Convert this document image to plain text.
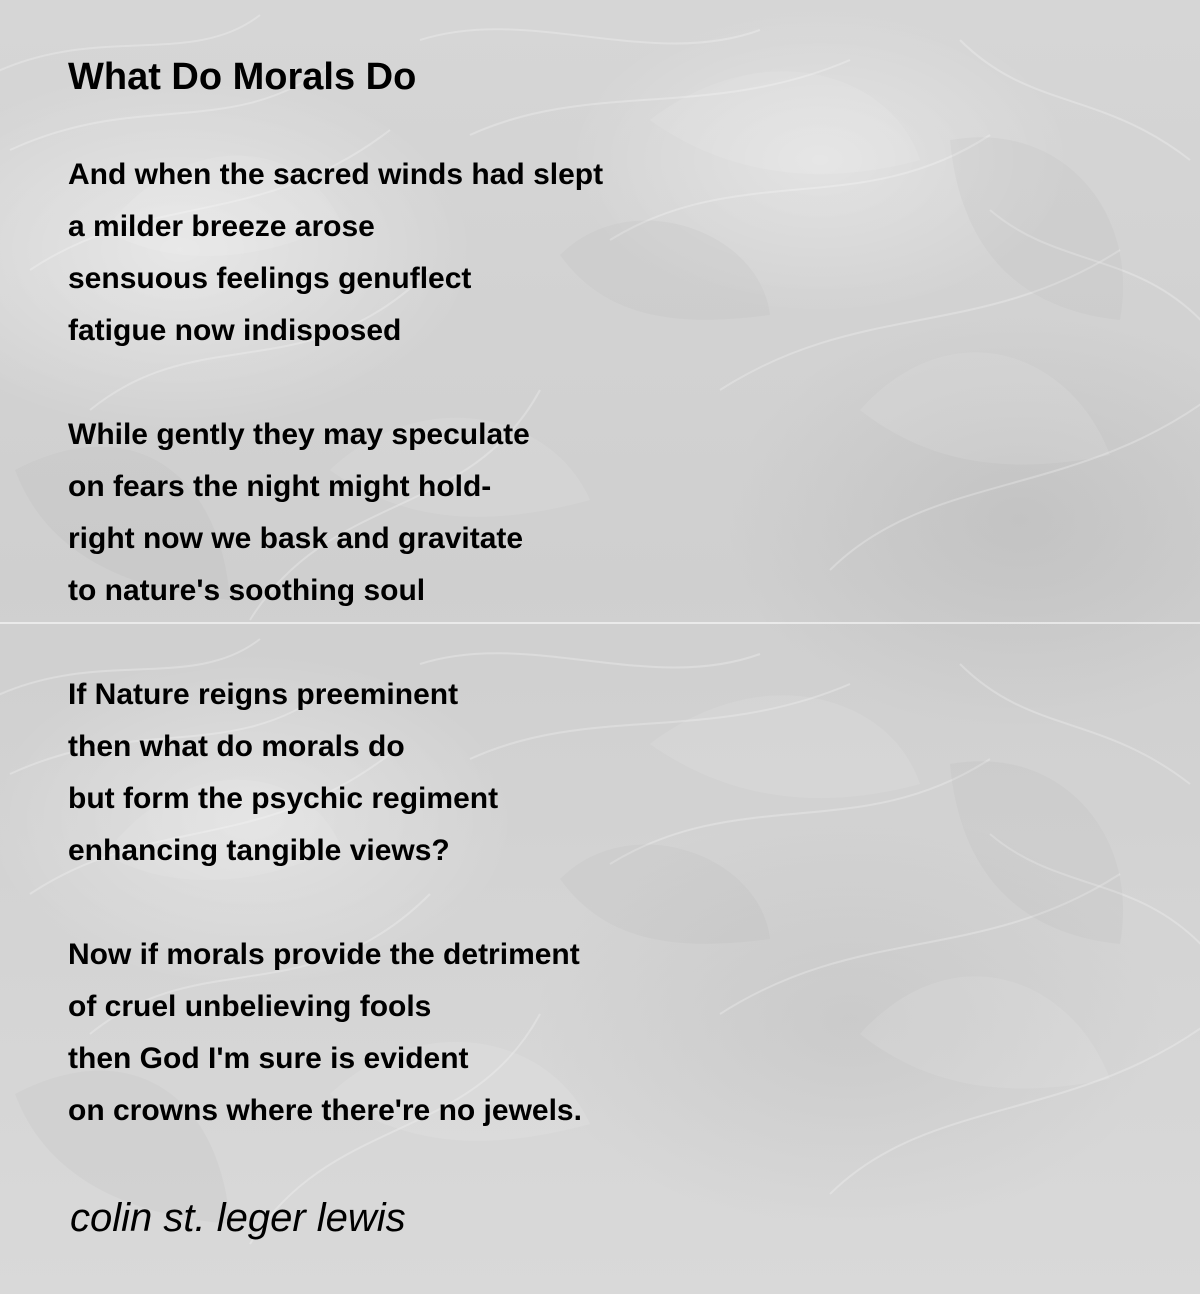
What Do Morals Do
And when the sacred winds had slept
a milder breeze arose
sensuous feelings genuflect
fatigue now indisposed
While gently they may speculate
on fears the night might hold-
right now we bask and gravitate
to nature's soothing soul
If Nature reigns preeminent
then what do morals do
but form the psychic regiment
enhancing tangible views?
Now if morals provide the detriment
of cruel unbelieving fools
then God I'm sure is evident
on crowns where there're no jewels.
colin st. leger lewis
